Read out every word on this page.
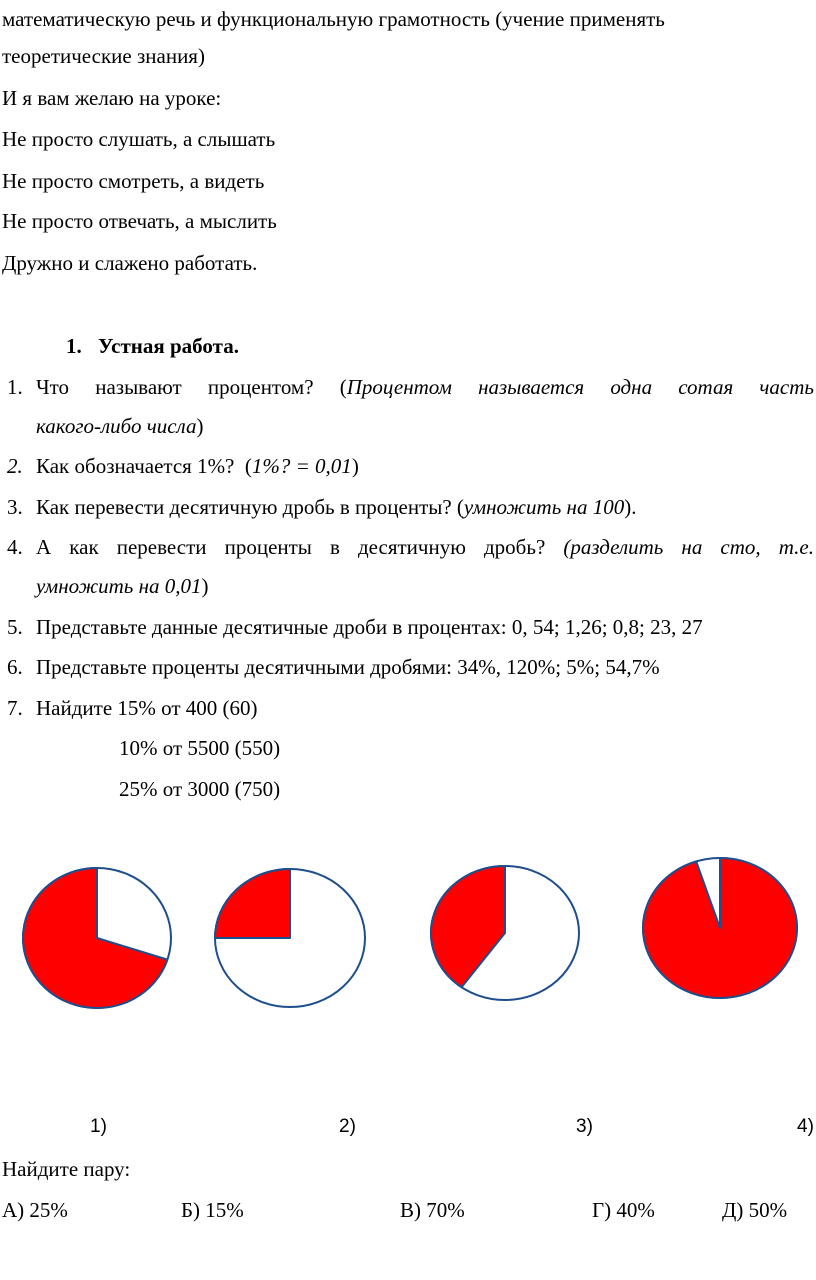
математическую речь и функциональную грамотность (учение применять
теоретические знания)
И я вам желаю на уроке:
Не просто слушать, а слышать
Не просто смотреть, а видеть
Не просто отвечать, а мыслить
Дружно и слажено работать.
1. Устная работа.
1. Что называют процентом? (Процентом называется одна сотая часть
какого-либо числа)
2. Как обозначается 1%? (1%? = 0,01)
3. Как перевести десятичную дробь в проценты? (умножить на 100).
4. А как перевести проценты в десятичную дробь? (разделить на сто, т.е.
умножить на 0,01)
5. Представьте данные десятичные дроби в процентах: 0, 54; 1,26; 0,8; 23, 27
6. Представьте проценты десятичными дробями: 34%, 120%; 5%; 54,7%
7. Найдите 15% от 400 (60)
10% от 5500 (550)
25% от 3000 (750)
1)	2)	3)	4)
Найдите пару:
А) 25%	Б) 15%	В) 70%	Г) 40%	Д) 50%
